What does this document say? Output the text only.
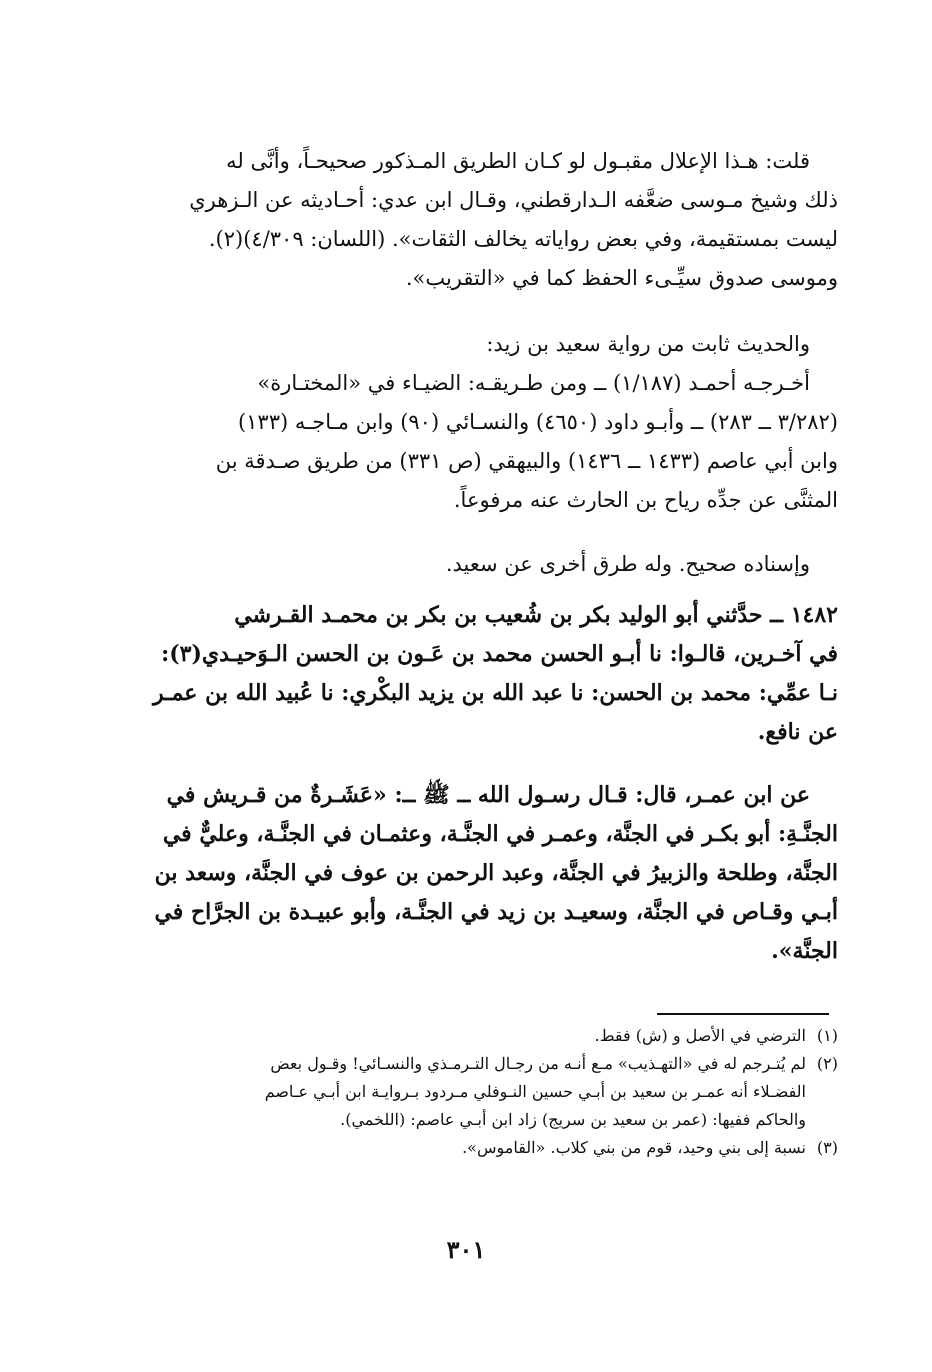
قلت: هـذا الإعلال مقبـول لو كـان الطريق المـذكور صحيحـاً، وأنَّى له
ذلك وشيخ مـوسى ضعَّفه الـدارقطني، وقـال ابن عدي: أحـاديثه عن الـزهري
ليست بمستقيمة، وفي بعض رواياته يخالف الثقات». (اللسان: ٤/٣٠٩)(٢).
وموسى صدوق سيِّـىء الحفظ كما في «التقريب».
والحديث ثابت من رواية سعيد بن زيد:
أخـرجـه أحمـد (١/١٨٧) ــ ومن طـريقـه: الضيـاء في «المختـارة»
(٣/٢٨٢ ــ ٢٨٣) ــ وأبـو داود (٤٦٥٠) والنسـائي (٩٠) وابن مـاجـه (١٣٣)
وابن أبي عاصم (١٤٣٣ ــ ١٤٣٦) والبيهقي (ص ٣٣١) من طريق صـدقة بن
المثنَّى عن جدِّه رياح بن الحارث عنه مرفوعاً.
وإسناده صحيح. وله طرق أخرى عن سعيد.
١٤٨٢ ــ حدَّثني أبو الوليد بكر بن شُعيب بن بكر بن محمـد القـرشي
في آخـرين، قالـوا: نا أبـو الحسن محمد بن عَـون بن الحسن الـوَحيـدي(٣):
نـا عمِّي: محمد بن الحسن: نا عبد الله بن يزيد البكْري: نا عُبيد الله بن عمـر
عن نافع.
عن ابن عمـر، قال: قـال رسـول الله ــ ﷺ ــ: «عَشَـرةٌ من قـريش في
الجنَّـةِ: أبو بكـر في الجنَّة، وعمـر في الجنَّـة، وعثمـان في الجنَّـة، وعليٌّ في
الجنَّة، وطلحة والزبيرُ في الجنَّة، وعبد الرحمن بن عوف في الجنَّة، وسعد بن
أبـي وقـاص في الجنَّة، وسعيـد بن زيد في الجنَّـة، وأبو عبيـدة بن الجرَّاح في
الجنَّة».
(١)الترضي في الأصل و (ش) فقط.
(٢)لم يُتـرجم له في «التهـذيب» مـع أنـه من رجـال التـرمـذي والنسـائي! وقـول بعض
الفضـلاء أنه عمـر بن سعيد بن أبـي حسين النـوفلي مـردود بـروايـة ابن أبـي عـاصم
والحاكم ففيها: (عمر بن سعيد بن سريج) زاد ابن أبـي عاصم: (اللخمي).
(٣)نسبة إلى بني وحيد، قوم من بني كلاب. «القاموس».
٣٠١
